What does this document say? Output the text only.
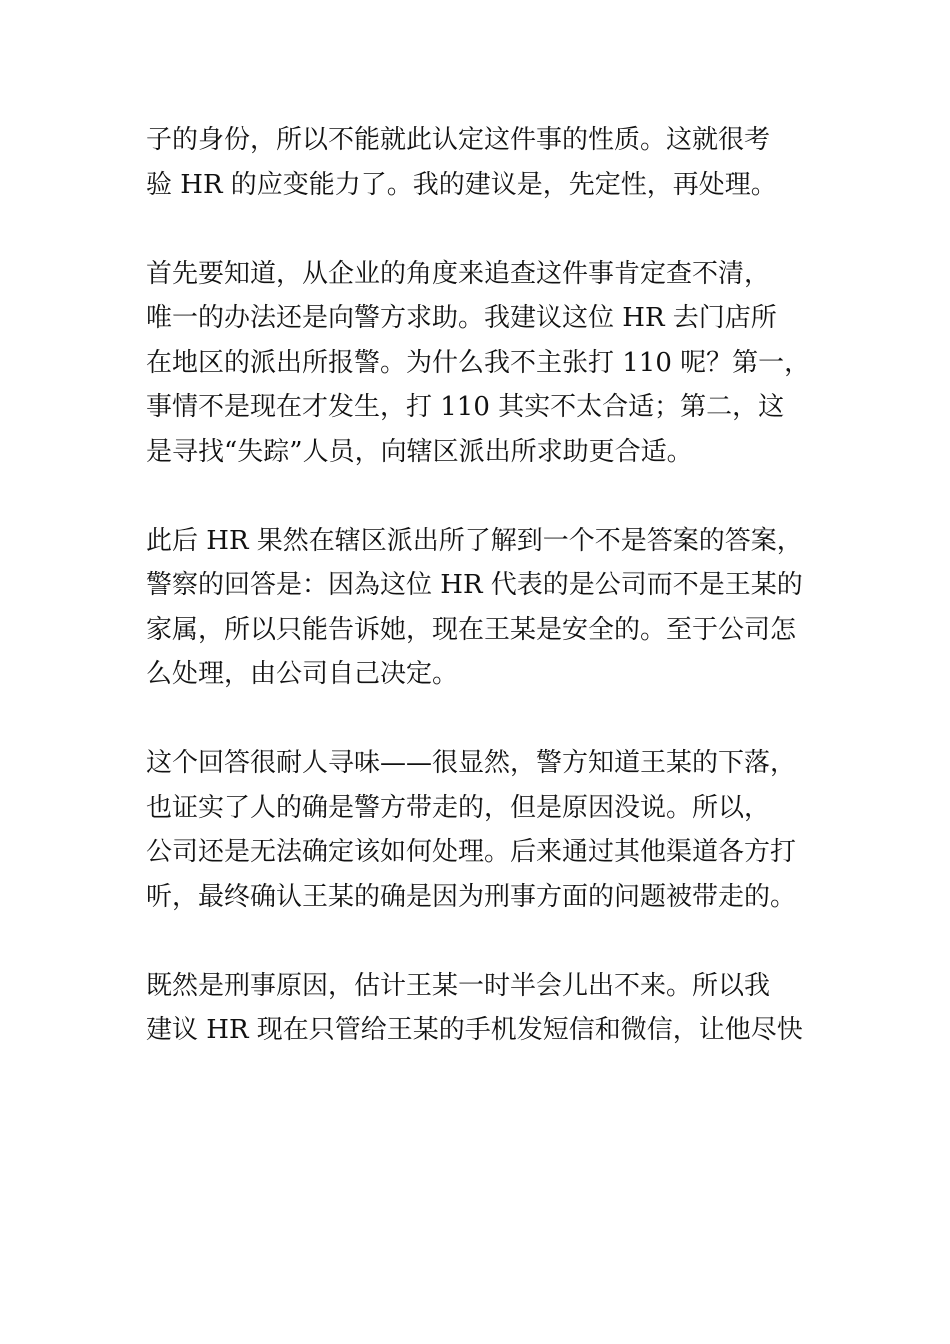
子的身份，所以不能就此认定这件事的性质。这就很考
验 HR 的应变能力了。我的建议是，先定性，再处理。

首先要知道，从企业的角度来追查这件事肯定查不清，
唯一的办法还是向警方求助。我建议这位 HR 去门店所
在地区的派出所报警。为什么我不主张打 110 呢？第一，
事情不是现在才发生，打 110 其实不太合适；第二，这
是寻找“失踪”人员，向辖区派出所求助更合适。

此后 HR 果然在辖区派出所了解到一个不是答案的答案，
警察的回答是：因為这位 HR 代表的是公司而不是王某的
家属，所以只能告诉她，现在王某是安全的。至于公司怎
么处理，由公司自己决定。

这个回答很耐人寻味——很显然，警方知道王某的下落，
也证实了人的确是警方带走的，但是原因没说。所以，
公司还是无法确定该如何处理。后来通过其他渠道各方打
听，最终确认王某的确是因为刑事方面的问题被带走的。

既然是刑事原因，估计王某一时半会儿出不来。所以我
建议 HR 现在只管给王某的手机发短信和微信，让他尽快
